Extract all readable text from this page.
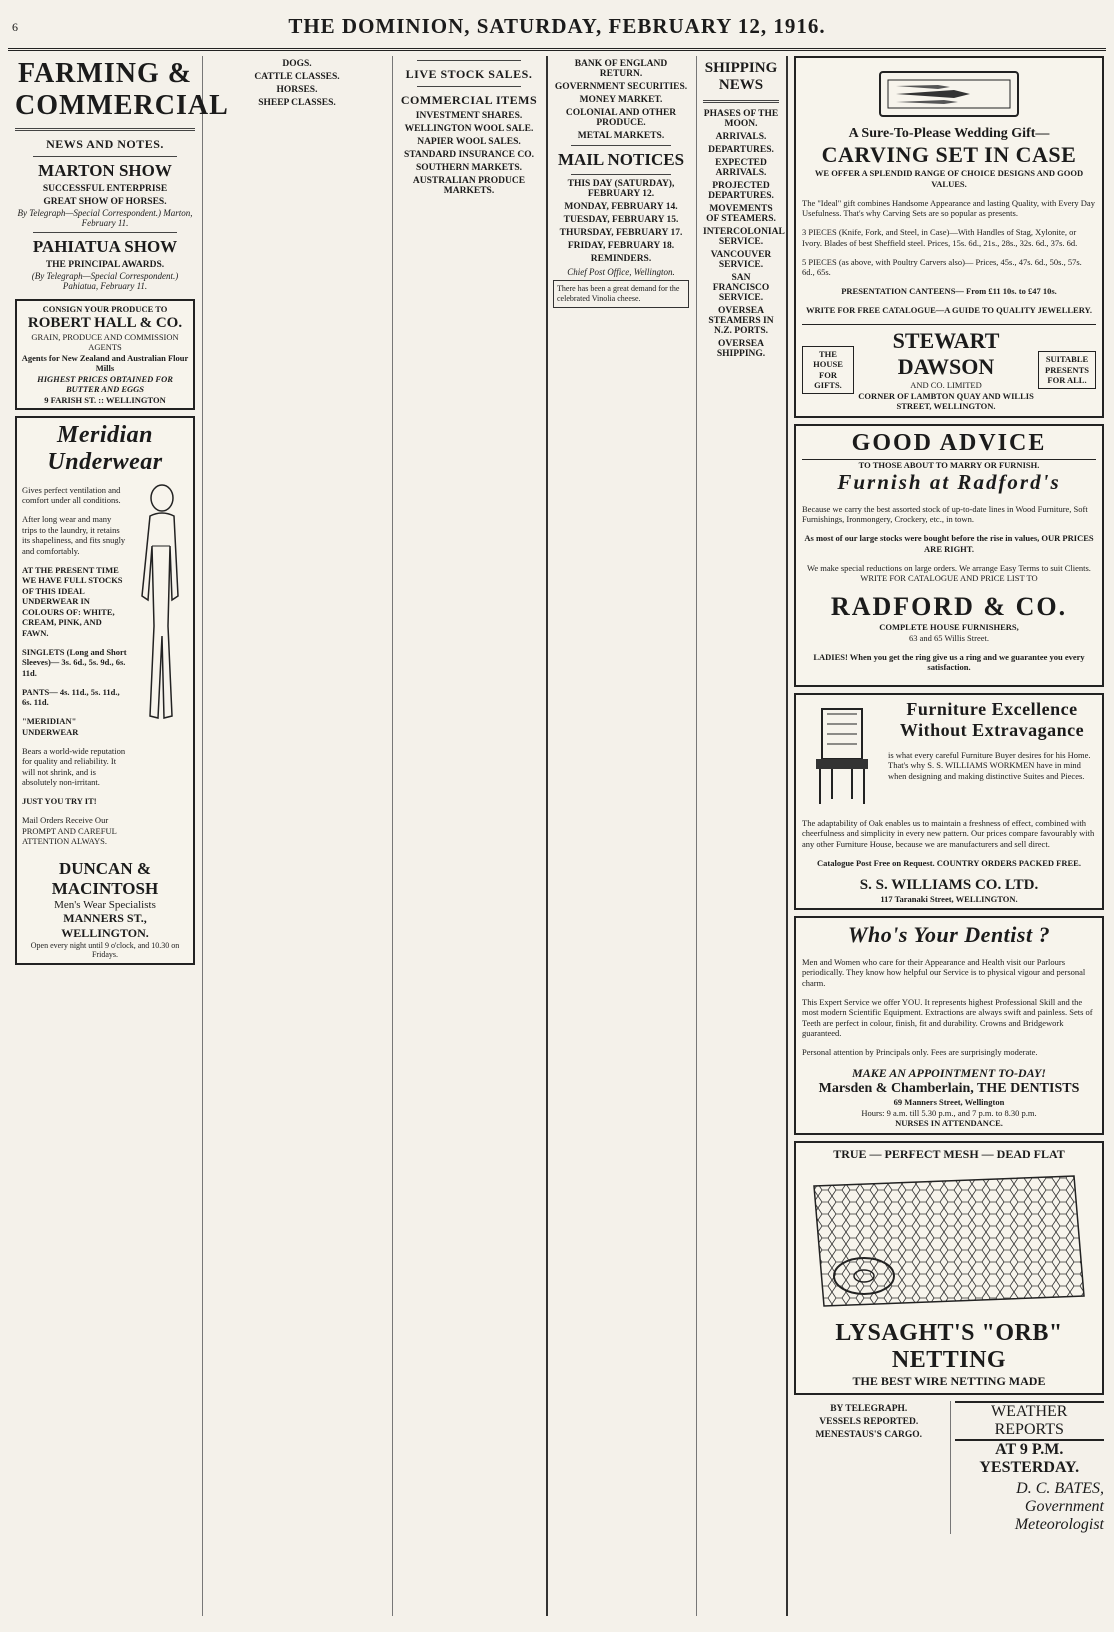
6	THE DOMINION, SATURDAY, FEBRUARY 12, 1916.
FARMING & COMMERCIAL
NEWS AND NOTES.
MARTON SHOW
SUCCESSFUL ENTERPRISE
GREAT SHOW OF HORSES.

By Telegraph—Special Correspondent.) Marton, February 11.

PAHIATUA SHOW
THE PRINCIPAL AWARDS.

(By Telegraph—Special Correspondent.) Pahiatua, February 11.

CONSIGN YOUR PRODUCE TO
ROBERT HALL & CO.
GRAIN, PRODUCE AND COMMISSION AGENTS
Agents for New Zealand and Australian Flour Mills
HIGHEST PRICES OBTAINED FOR BUTTER AND EGGS
9 FARISH ST. :: WELLINGTON
Meridian Underwear

Gives perfect ventilation and comfort under all conditions.

After long wear and many trips to the laundry, it retains its shapeliness, and fits snugly and comfortably.

AT THE PRESENT TIME WE HAVE FULL STOCKS OF THIS IDEAL UNDERWEAR IN COLOURS OF: WHITE, CREAM, PINK, AND FAWN.

SINGLETS (Long and Short Sleeves)— 3s. 6d., 5s. 9d., 6s. 11d.

PANTS— 4s. 11d., 5s. 11d., 6s. 11d.

"MERIDIAN" UNDERWEAR

Bears a world-wide reputation for quality and reliability. It will not shrink, and is absolutely non-irritant.

JUST YOU TRY IT!

Mail Orders Receive Our PROMPT AND CAREFUL ATTENTION ALWAYS.

DUNCAN & MACINTOSH
Men's Wear Specialists
MANNERS ST., WELLINGTON.
Open every night until 9 o'clock, and 10.30 on Fridays.

DOGS.

CATTLE CLASSES.

HORSES.

SHEEP CLASSES.

LIVE STOCK SALES.

COMMERCIAL ITEMS
INVESTMENT SHARES.

WELLINGTON WOOL SALE.

NAPIER WOOL SALES.

STANDARD INSURANCE CO.

SOUTHERN MARKETS.

AUSTRALIAN PRODUCE MARKETS.

BANK OF ENGLAND RETURN.

GOVERNMENT SECURITIES.

MONEY MARKET.

COLONIAL AND OTHER PRODUCE.

METAL MARKETS.

MAIL NOTICES
THIS DAY (SATURDAY), FEBRUARY 12.

MONDAY, FEBRUARY 14.

TUESDAY, FEBRUARY 15.

THURSDAY, FEBRUARY 17.

FRIDAY, FEBRUARY 18.

REMINDERS.

Chief Post Office, Wellington.

There has been a great demand for the celebrated Vinolia cheese.
SHIPPING NEWS
PHASES OF THE MOON.

ARRIVALS.

DEPARTURES.

EXPECTED ARRIVALS.

PROJECTED DEPARTURES.

MOVEMENTS OF STEAMERS.
INTERCOLONIAL SERVICE.

VANCOUVER SERVICE.

SAN FRANCISCO SERVICE.

OVERSEA STEAMERS IN N.Z. PORTS.

OVERSEA SHIPPING.

A Sure-To-Please Wedding Gift—
CARVING SET IN CASE
WE OFFER A SPLENDID RANGE OF CHOICE DESIGNS AND GOOD VALUES.

The "Ideal" gift combines Handsome Appearance and lasting Quality, with Every Day Usefulness. That's why Carving Sets are so popular as presents.

3 PIECES (Knife, Fork, and Steel, in Case)—With Handles of Stag, Xylonite, or Ivory. Blades of best Sheffield steel. Prices, 15s. 6d., 21s., 28s., 32s. 6d., 37s. 6d.

5 PIECES (as above, with Poultry Carvers also)— Prices, 45s., 47s. 6d., 50s., 57s. 6d., 65s.

PRESENTATION CANTEENS— From £11 10s. to £47 10s.

WRITE FOR FREE CATALOGUE—A GUIDE TO QUALITY JEWELLERY.

THE HOUSE FOR GIFTS.
STEWART DAWSON
AND CO. LIMITED
CORNER OF LAMBTON QUAY AND WILLIS STREET, WELLINGTON.
SUITABLE PRESENTS FOR ALL.
GOOD ADVICE
TO THOSE ABOUT TO MARRY OR FURNISH.
Furnish at Radford's

Because we carry the best assorted stock of up-to-date lines in Wood Furniture, Soft Furnishings, Ironmongery, Crockery, etc., in town.

As most of our large stocks were bought before the rise in values, OUR PRICES ARE RIGHT.

We make special reductions on large orders. We arrange Easy Terms to suit Clients. WRITE FOR CATALOGUE AND PRICE LIST TO

RADFORD & CO.
COMPLETE HOUSE FURNISHERS,
63 and 65 Willis Street.

LADIES! When you get the ring give us a ring and we guarantee you every satisfaction.

Furniture Excellence Without Extravagance

is what every careful Furniture Buyer desires for his Home. That's why S. S. WILLIAMS WORKMEN have in mind when designing and making distinctive Suites and Pieces.

The adaptability of Oak enables us to maintain a freshness of effect, combined with cheerfulness and simplicity in every new pattern. Our prices compare favourably with any other Furniture House, because we are manufacturers and sell direct.

Catalogue Post Free on Request. COUNTRY ORDERS PACKED FREE.

S. S. WILLIAMS CO. LTD.
117 Taranaki Street, WELLINGTON.
Who's Your Dentist ?

Men and Women who care for their Appearance and Health visit our Parlours periodically. They know how helpful our Service is to physical vigour and personal charm.

This Expert Service we offer YOU. It represents highest Professional Skill and the most modern Scientific Equipment. Extractions are always swift and painless. Sets of Teeth are perfect in colour, finish, fit and durability. Crowns and Bridgework guaranteed.

Personal attention by Principals only. Fees are surprisingly moderate.

MAKE AN APPOINTMENT TO-DAY!
Marsden & Chamberlain, THE DENTISTS
69 Manners Street, Wellington
Hours: 9 a.m. till 5.30 p.m., and 7 p.m. to 8.30 p.m.
NURSES IN ATTENDANCE.
TRUE — PERFECT MESH — DEAD FLAT
LYSAGHT'S "ORB" NETTING
THE BEST WIRE NETTING MADE
BY TELEGRAPH.

VESSELS REPORTED.

MENESTAUS'S CARGO.

WEATHER REPORTS
AT 9 P.M. YESTERDAY.

D. C. BATES, Government Meteorologist
